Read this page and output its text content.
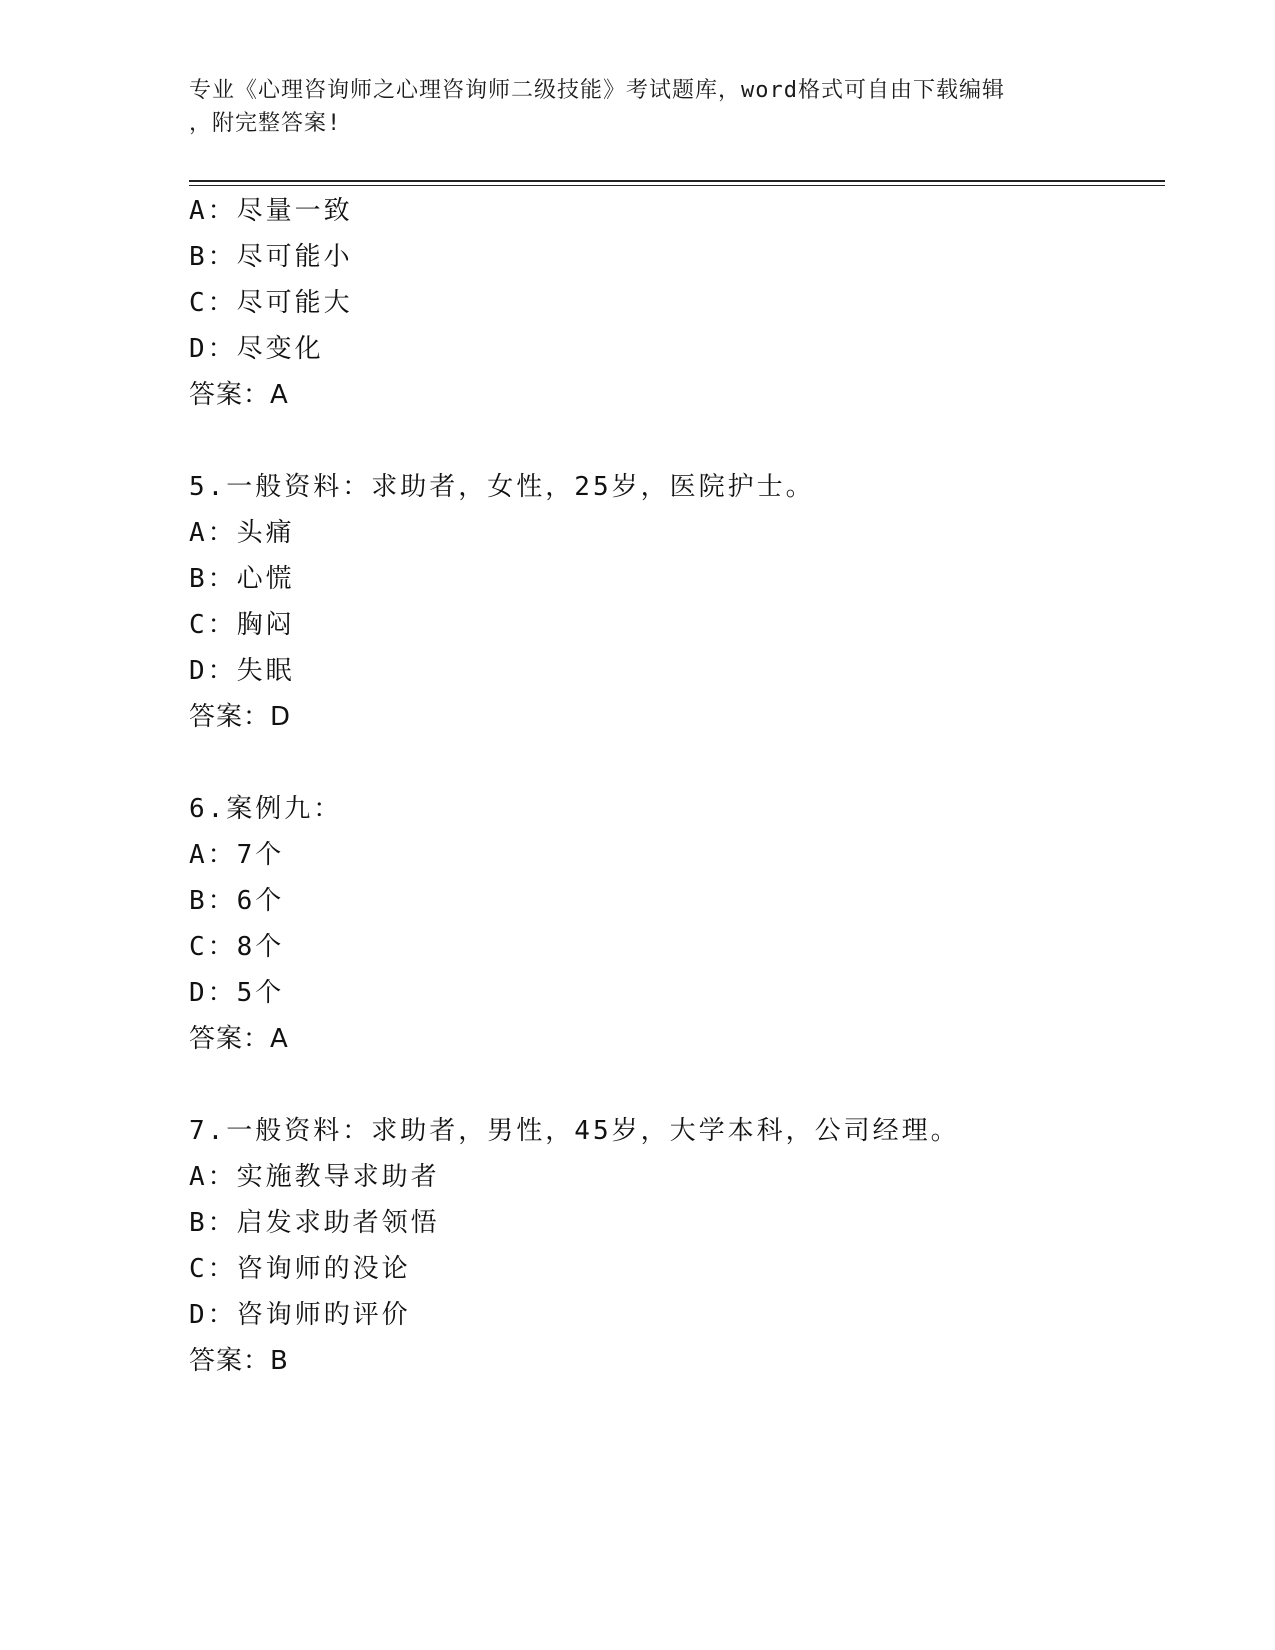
专业《心理咨询师之心理咨询师二级技能》考试题库，word格式可自由下载编辑
，附完整答案!
A：尽量一致
B：尽可能小
C：尽可能大
D：尽变化
答案：A
5.一般资料：求助者，女性，25岁，医院护士。
A：头痛
B：心慌
C：胸闷
D：失眠
答案：D
6.案例九：
A：7个
B：6个
C：8个
D：5个
答案：A
7.一般资料：求助者，男性，45岁，大学本科，公司经理。
A：实施教导求助者
B：启发求助者领悟
C：咨询师的没论
D：咨询师旳评价
答案：B
